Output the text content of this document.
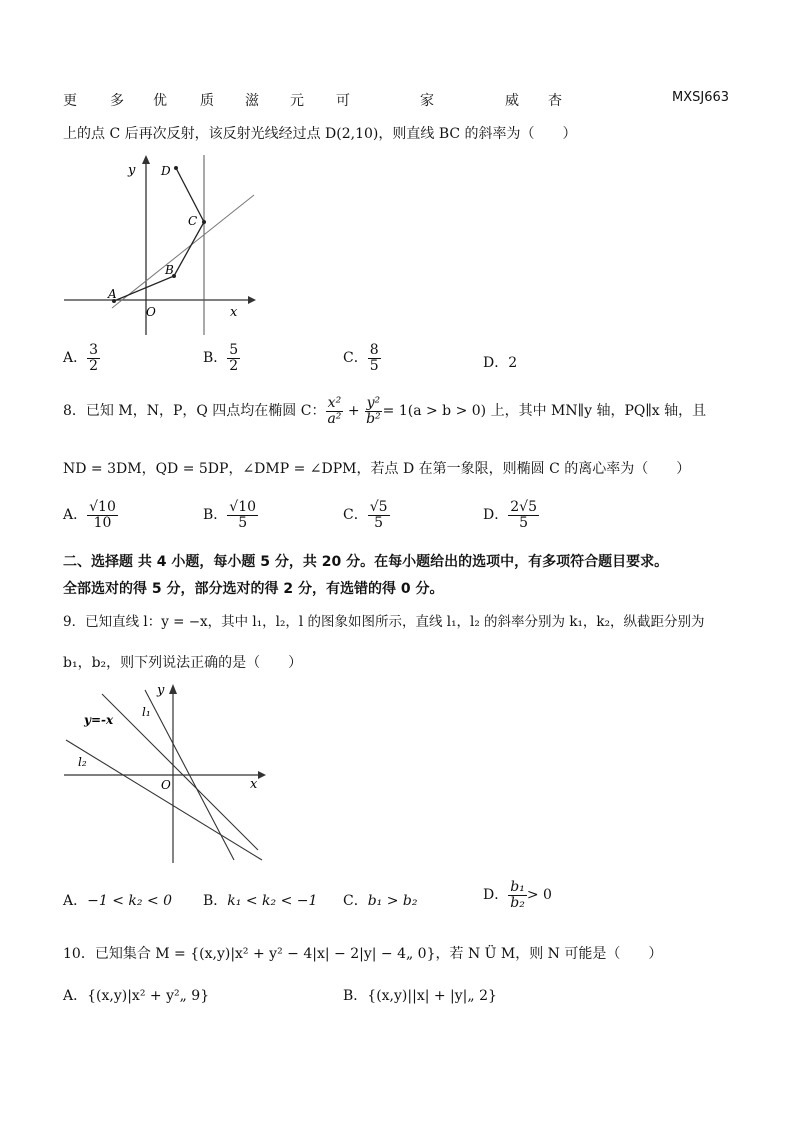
更 多 优 质 滋 元 可	家	威 杏	MXSJ663
上的点 C 后再次反射，该反射光线经过点 D(2,10)，则直线 BC 的斜率为（　　）
y
x
O
A
B
C
D
A． $\frac{3}{2}$	B． $\frac{5}{2}$	C． $\frac{8}{5}$	D．2
8．已知 M，N，P，Q 四点均在椭圆 C： $\frac{\text{x²}}{\text{a²}} + \frac{\text{y²}}{\text{b²}} = 1(a > b > 0)$ 上，其中 MN∥y 轴，PQ∥x 轴，且
ND = 3DM，QD = 5DP，∠DMP = ∠DPM，若点 D 在第一象限，则椭圆 C 的离心率为（　　）
A． $\frac{√10}{10}$	B． $\frac{√10}{5}$	C． $\frac{√5}{5}$	D． $\frac{2√5}{5}$
二、选择题 共 4 小题，每小题 5 分，共 20 分。在每小题给出的选项中，有多项符合题目要求。
全部选对的得 5 分，部分选对的得 2 分，有选错的得 0 分。
9．已知直线 l：y = −x，其中 l₁，l₂，l 的图象如图所示，直线 l₁，l₂ 的斜率分别为 k₁，k₂，纵截距分别为
b₁，b₂，则下列说法正确的是（　　）
y
x
O
y=-x
l₁
l₂
A．−1 < k₂ < 0 B．k₁ < k₂ < −1 C．b₁ > b₂	D． $\frac{\text{b₁}}{\text{b₂}} > 0$
10．已知集合 M = {(x,y)|x² + y² − 4|x| − 2|y| − 4„ 0}，若 N Ü M，则 N 可能是（　　）
A．{(x,y)|x² + y²„ 9}	B．{(x,y)||x| + |y|„ 2}
